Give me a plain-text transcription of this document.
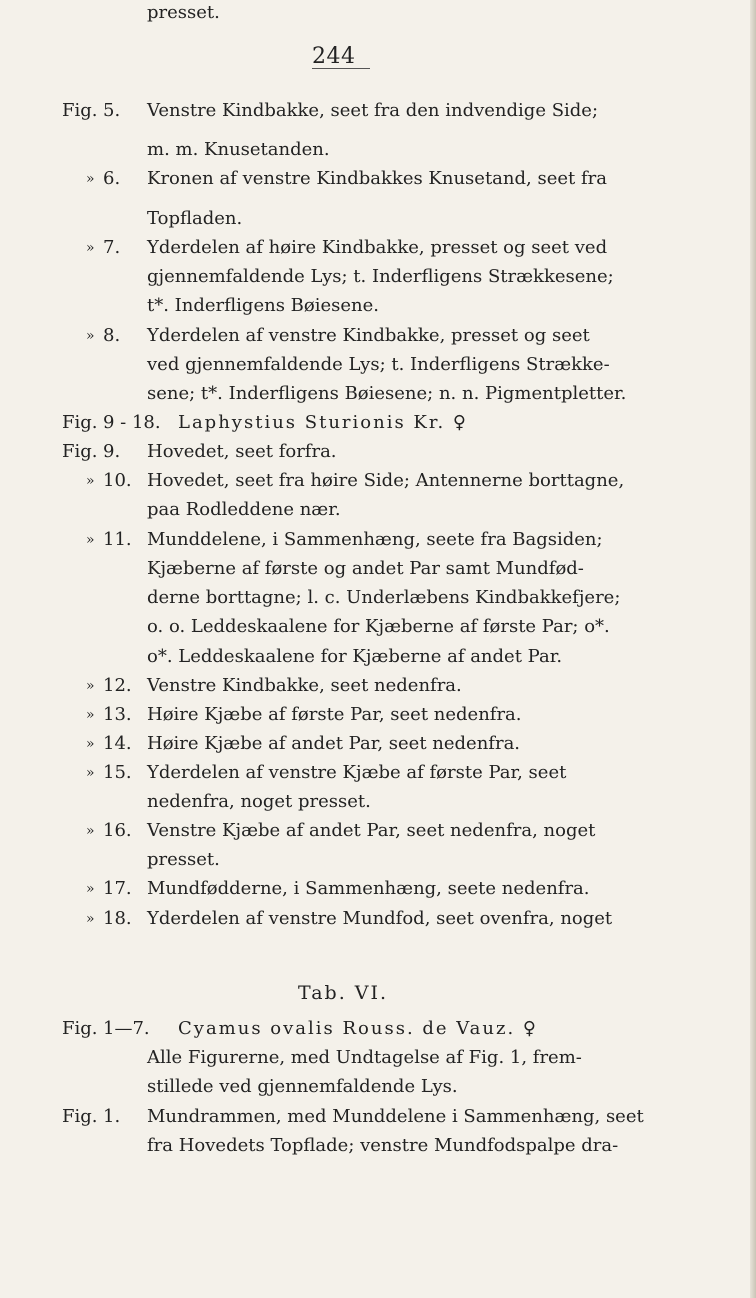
244
Fig. 5. Venstre Kindbakke, seet fra den indvendige Side;
m. m. Knusetanden.
» 6. Kronen af venstre Kindbakkes Knusetand, seet fra
Topfladen.
» 7. Yderdelen af høire Kindbakke, presset og seet ved
gjennemfaldende Lys; t. Inderfligens Strækkesene;
t*. Inderfligens Bøiesene.
» 8. Yderdelen af venstre Kindbakke, presset og seet
ved gjennemfaldende Lys; t. Inderfligens Strække-
sene; t*. Inderfligens Bøiesene; n. n. Pigmentpletter.
Fig. 9 - 18. Laphystius Sturionis Kr. ♀
Fig. 9. Hovedet, seet forfra.
» 10. Hovedet, seet fra høire Side; Antennerne borttagne,
paa Rodleddene nær.
» 11. Munddelene, i Sammenhæng, seete fra Bagsiden;
Kjæberne af første og andet Par samt Mundfød-
derne borttagne; l. c. Underlæbens Kindbakkefjere;
o. o. Leddeskaalene for Kjæberne af første Par; o*.
o*. Leddeskaalene for Kjæberne af andet Par.
» 12. Venstre Kindbakke, seet nedenfra.
» 13. Høire Kjæbe af første Par, seet nedenfra.
» 14. Høire Kjæbe af andet Par, seet nedenfra.
» 15. Yderdelen af venstre Kjæbe af første Par, seet
nedenfra, noget presset.
» 16. Venstre Kjæbe af andet Par, seet nedenfra, noget
presset.
» 17. Mundfødderne, i Sammenhæng, seete nedenfra.
» 18. Yderdelen af venstre Mundfod, seet ovenfra, noget
presset.
Tab. VI.
Fig. 1—7. Cyamus ovalis Rouss. de Vauz. ♀
Alle Figurerne, med Undtagelse af Fig. 1, frem-
stillede ved gjennemfaldende Lys.
Fig. 1. Mundrammen, med Munddelene i Sammenhæng, seet
fra Hovedets Topflade; venstre Mundfodspalpe dra-
